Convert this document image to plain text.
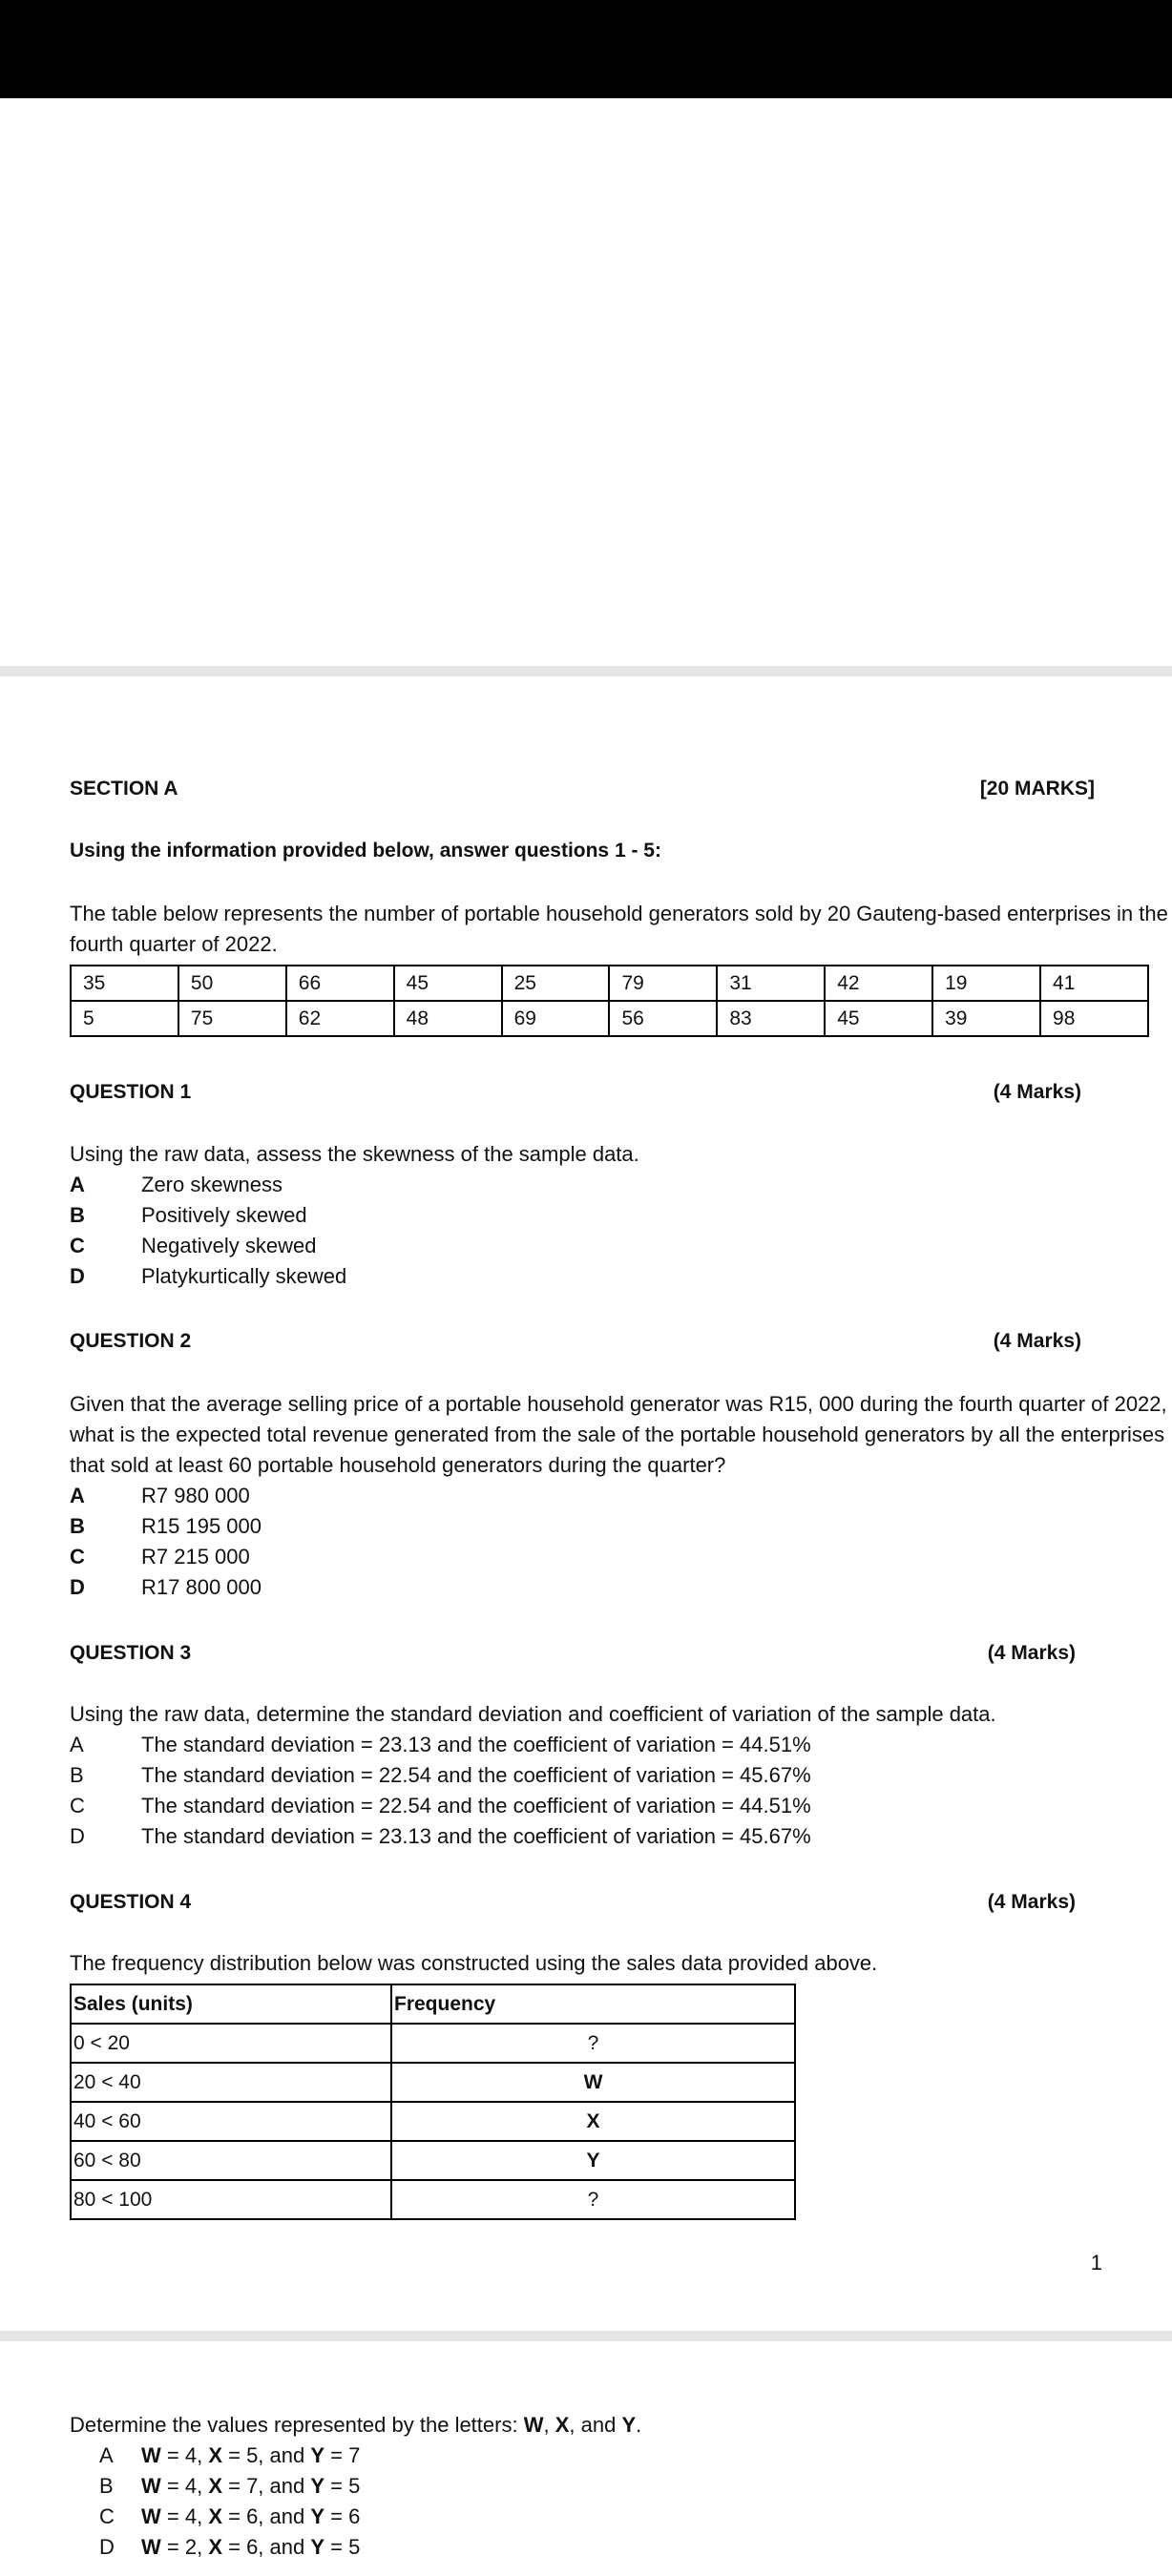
SECTION A	[20 MARKS]
Using the information provided below, answer questions 1 - 5:
The table below represents the number of portable household generators sold by 20 Gauteng-based enterprises in the
fourth quarter of 2022.
35	50	66	45	25	79	31	42	19	41
5	75	62	48	69	56	83	45	39	98
QUESTION 1	(4 Marks)
Using the raw data, assess the skewness of the sample data.
A	Zero skewness
B	Positively skewed
C	Negatively skewed
D	Platykurtically skewed
QUESTION 2	(4 Marks)
Given that the average selling price of a portable household generator was R15, 000 during the fourth quarter of 2022,
what is the expected total revenue generated from the sale of the portable household generators by all the enterprises
that sold at least 60 portable household generators during the quarter?
A	R7 980 000
B	R15 195 000
C	R7 215 000
D	R17 800 000
QUESTION 3	(4 Marks)
Using the raw data, determine the standard deviation and coefficient of variation of the sample data.
A	The standard deviation = 23.13 and the coefficient of variation = 44.51%
B	The standard deviation = 22.54 and the coefficient of variation = 45.67%
C	The standard deviation = 22.54 and the coefficient of variation = 44.51%
D	The standard deviation = 23.13 and the coefficient of variation = 45.67%
QUESTION 4	(4 Marks)
The frequency distribution below was constructed using the sales data provided above.
Sales (units)	Frequency
0 < 20	?
20 < 40	W
40 < 60	X
60 < 80	Y
80 < 100	?
1
Determine the values represented by the letters: W, X, and Y.
A W = 4, X = 5, and Y = 7
B W = 4, X = 7, and Y = 5
C W = 4, X = 6, and Y = 6
D W = 2, X = 6, and Y = 5
